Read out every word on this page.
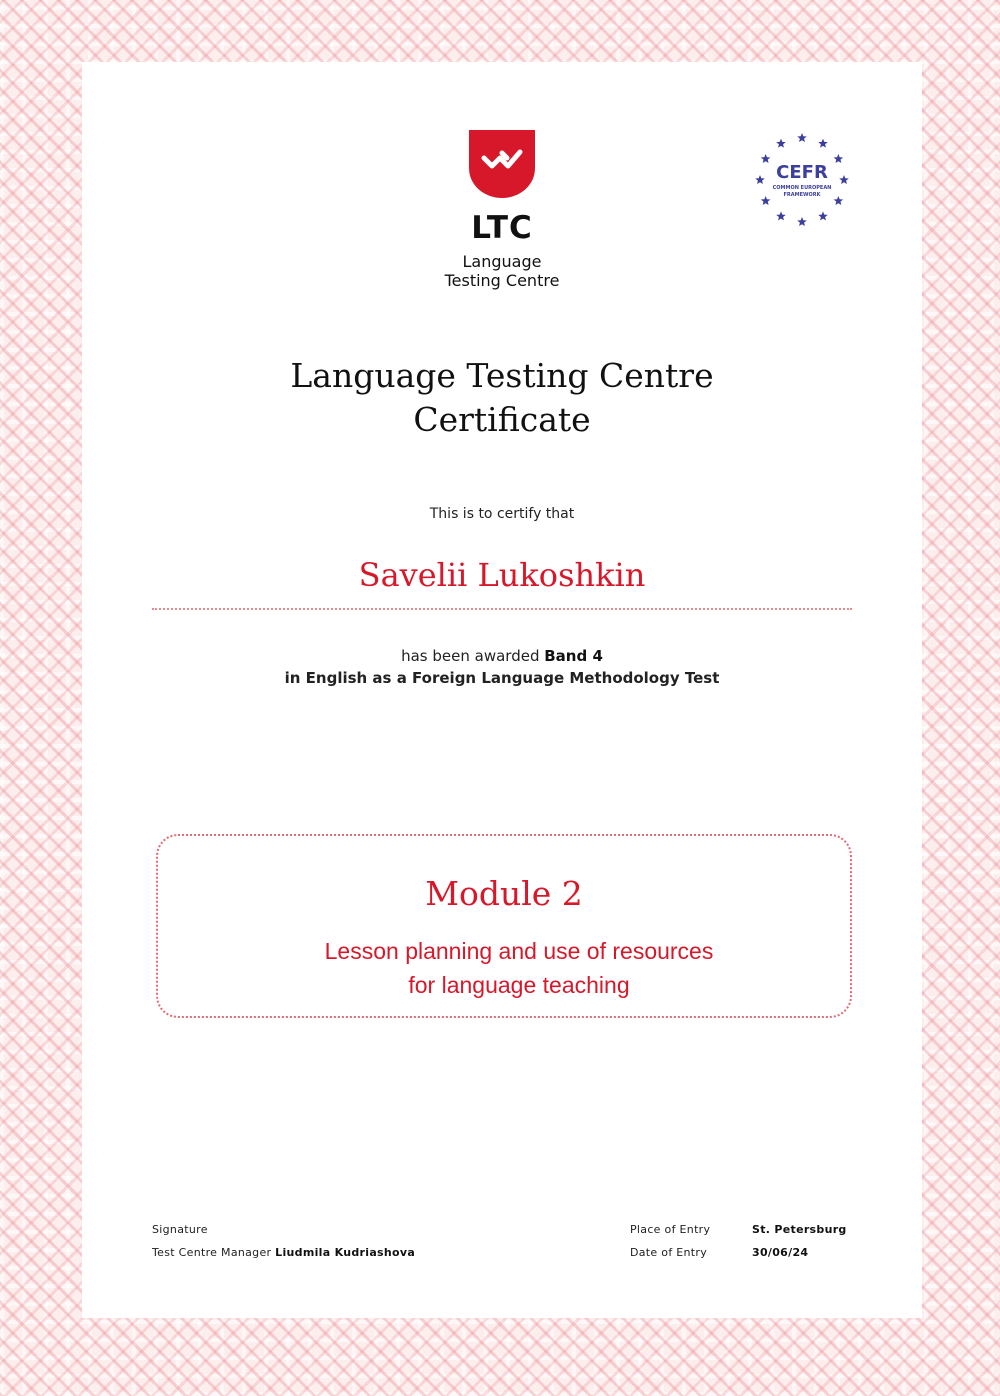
LTC
Language
Testing Centre
CEFR
COMMON EUROPEAN
FRAMEWORK
Language Testing Centre
Certificate
This is to certify that
Savelii Lukoshkin
has been awarded Band 4
in English as a Foreign Language Methodology Test
Module 2
Lesson planning and use of resources
for language teaching
Signature
Test Centre Manager Liudmila Kudriashova
Place of Entry	St. Petersburg
Date of Entry	30/06/24
